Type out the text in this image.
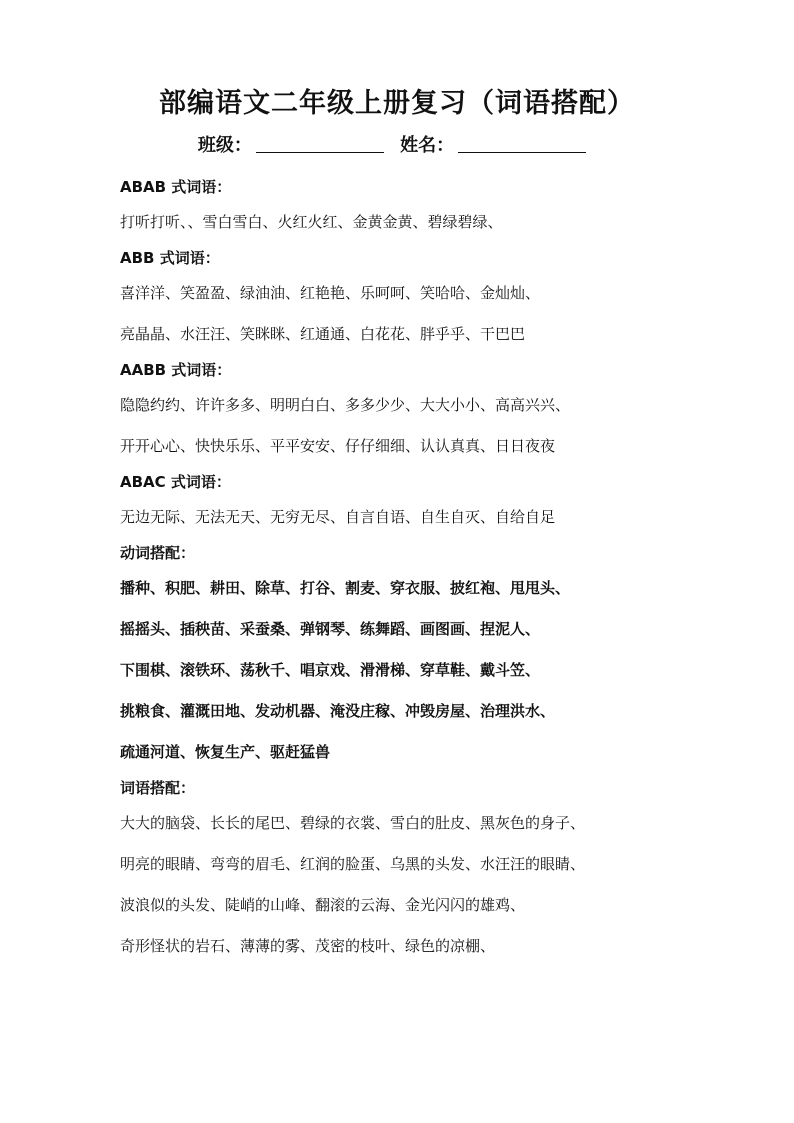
部编语文二年级上册复习（词语搭配）
班级：	姓名：

ABAB 式词语：

打听打听、、雪白雪白、火红火红、金黄金黄、碧绿碧绿、

ABB 式词语：

喜洋洋、笑盈盈、绿油油、红艳艳、乐呵呵、笑哈哈、金灿灿、

亮晶晶、水汪汪、笑眯眯、红通通、白花花、胖乎乎、干巴巴

AABB 式词语：

隐隐约约、许许多多、明明白白、多多少少、大大小小、高高兴兴、

开开心心、快快乐乐、平平安安、仔仔细细、认认真真、日日夜夜

ABAC 式词语：

无边无际、无法无天、无穷无尽、自言自语、自生自灭、自给自足

动词搭配：

播种、积肥、耕田、除草、打谷、割麦、穿衣服、披红袍、甩甩头、

摇摇头、插秧苗、采蚕桑、弹钢琴、练舞蹈、画图画、捏泥人、

下围棋、滚铁环、荡秋千、唱京戏、滑滑梯、穿草鞋、戴斗笠、

挑粮食、灌溉田地、发动机器、淹没庄稼、冲毁房屋、治理洪水、

疏通河道、恢复生产、驱赶猛兽

词语搭配：

大大的脑袋、长长的尾巴、碧绿的衣裳、雪白的肚皮、黑灰色的身子、

明亮的眼睛、弯弯的眉毛、红润的脸蛋、乌黑的头发、水汪汪的眼睛、

波浪似的头发、陡峭的山峰、翻滚的云海、金光闪闪的雄鸡、

奇形怪状的岩石、薄薄的雾、茂密的枝叶、绿色的凉棚、
